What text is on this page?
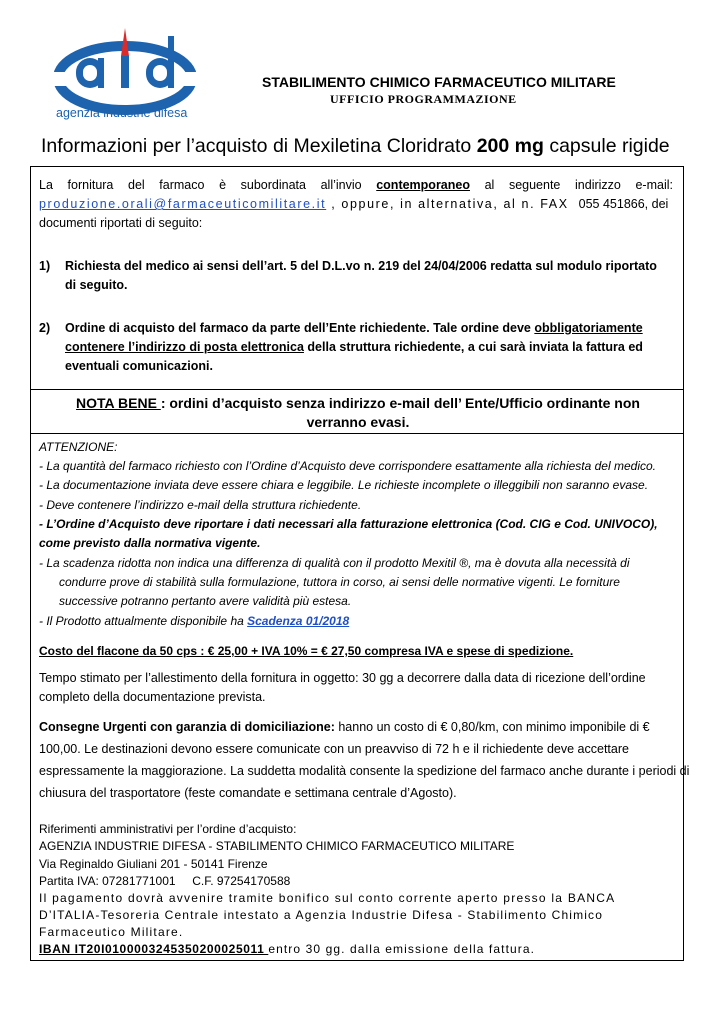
agenzia industrie difesa
STABILIMENTO CHIMICO FARMACEUTICO MILITARE
UFFICIO PROGRAMMAZIONE
Informazioni per l’acquisto di Mexiletina Cloridrato 200 mg capsule rigide
La fornitura del farmaco è subordinata all’invio contemporaneo al seguente indirizzo e-mail:
produzione.orali@farmaceuticomilitare.it , oppure, in alternativa, al n. FAX 055 451866, dei
documenti riportati di seguito:
1) Richiesta del medico ai sensi dell’art. 5 del D.L.vo n. 219 del 24/04/2006 redatta sul modulo riportato
di seguito.
2) Ordine di acquisto del farmaco da parte dell’Ente richiedente. Tale ordine deve obbligatoriamente
contenere l’indirizzo di posta elettronica della struttura richiedente, a cui sarà inviata la fattura ed
eventuali comunicazioni.
NOTA BENE : ordini d’acquisto senza indirizzo e-mail dell’ Ente/Ufficio ordinante non
verranno evasi.
ATTENZIONE:
- La quantità del farmaco richiesto con l’Ordine d’Acquisto deve corrispondere esattamente alla richiesta del medico.
- La documentazione inviata deve essere chiara e leggibile. Le richieste incomplete o illeggibili non saranno evase.
- Deve contenere l’indirizzo e-mail della struttura richiedente.
- L’Ordine d’Acquisto deve riportare i dati necessari alla fatturazione elettronica (Cod. CIG e Cod. UNIVOCO),
come previsto dalla normativa vigente.
- La scadenza ridotta non indica una differenza di qualità con il prodotto Mexitil ®, ma è dovuta alla necessità di
condurre prove di stabilità sulla formulazione, tuttora in corso, ai sensi delle normative vigenti. Le forniture
successive potranno pertanto avere validità più estesa.
- Il Prodotto attualmente disponibile ha Scadenza 01/2018
Costo del flacone da 50 cps : € 25,00 + IVA 10% = € 27,50 compresa IVA e spese di spedizione.
Tempo stimato per l’allestimento della fornitura in oggetto: 30 gg a decorrere dalla data di ricezione dell’ordine
completo della documentazione prevista.
Consegne Urgenti con garanzia di domiciliazione: hanno un costo di € 0,80/km, con minimo imponibile di €
100,00. Le destinazioni devono essere comunicate con un preavviso di 72 h e il richiedente deve accettare
espressamente la maggiorazione. La suddetta modalità consente la spedizione del farmaco anche durante i periodi di
chiusura del trasportatore (feste comandate e settimana centrale d’Agosto).
Riferimenti amministrativi per l’ordine d’acquisto:
AGENZIA INDUSTRIE DIFESA - STABILIMENTO CHIMICO FARMACEUTICO MILITARE
Via Reginaldo Giuliani 201 - 50141 Firenze
Partita IVA: 07281771001     C.F. 97254170588
Il pagamento dovrà avvenire tramite bonifico sul conto corrente aperto presso la BANCA
D’ITALIA-Tesoreria Centrale intestato a Agenzia Industrie Difesa - Stabilimento Chimico
Farmaceutico Militare.
IBAN IT20I0100003245350200025011 entro 30 gg. dalla emissione della fattura.
